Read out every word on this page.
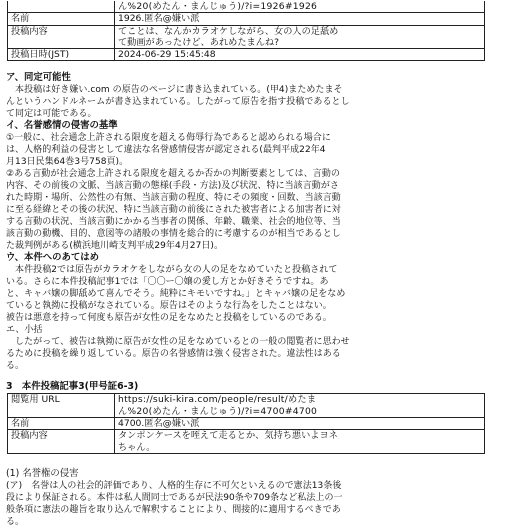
	ん%20(めたん・まんじゅう)/?i=1926#1926
名前	1926.匿名@嫌い派
投稿内容	てことは、なんかカラオケしながら、女の人の足舐め
て動画があったけど、あれめたまんね?

投稿日時(JST)	2024-06-29 15:45:48

ア、同定可能性

　本投稿は好き嫌い.com の原告のページに書き込まれている。(甲4)まためたまそ
んというハンドルネームが書き込まれている。したがって原告を指す投稿であるとし
て同定は可能である。

イ、名誉感情の侵害の基準

①一般に、社会通念上許される限度を超える侮辱行為であると認められる場合に
は、人格的利益の侵害として違法な名誉感情侵害が認定される(最判平成22年4
月13日民集64巻3号758頁)。
②ある言動が社会通念上許される限度を超えるか否かの判断要素としては、言動の
内容、その前後の文脈、当該言動の態様(手段・方法)及び状況、特に当該言動がさ
れた時期・場所、公然性の有無、当該言動の程度、特にその頻度・回数、当該言動
に至る経緯とその後の状況、特に当該言動の前後にされた被害者による加害者に対
する言動の状況、当該言動にかかる当事者の関係、年齢、職業、社会的地位等、当
該言動の動機、目的、意図等の諸般の事情を総合的に考慮するのが相当であるとし
た裁判例がある(横浜地川崎支判平成29年4月27日)。

ウ、本件へのあてはめ

　本件投稿2では原告がカラオケをしながら女の人の足をなめていたと投稿されて
いる。さらに本件投稿記事1では「〇〇ー〇嬢の愛し方とか好きそうですね。あ
と、キャバ嬢の脚舐めて喜んでそう。純粋にキモいですね。」とキャバ嬢の足をなめ
ていると執拗に投稿がなされている。原告はそのような行為をしたことはない。
被告は悪意を持って何度も原告が女性の足をなめたと投稿をしているのである。
エ、小括
　したがって、被告は執拗に原告が女性の足をなめているとの一般の閲覧者に思わせ
るために投稿を繰り返している。原告の名誉感情は強く侵害された。違法性はある
る。

3　本件投稿記事3(甲号証6-3)

閲覧用 URL	https://suki-kira.com/people/result/めたま
ん%20(めたん・まんじゅう)/?i=4700#4700

名前	4700.匿名@嫌い派
投稿内容	タンポンケースを咥えて走るとか、気持ち悪いよヨネ
ちゃん。

(1) 名誉権の侵害

(ア)　名誉は人の社会的評価であり、人格的生存に不可欠といえるので憲法13条後
段により保証される。本件は私人間同士であるが民法90条や709条など私法上の一
般条項に憲法の趣旨を取り込んで解釈することにより、間接的に適用するべきであ
る。
